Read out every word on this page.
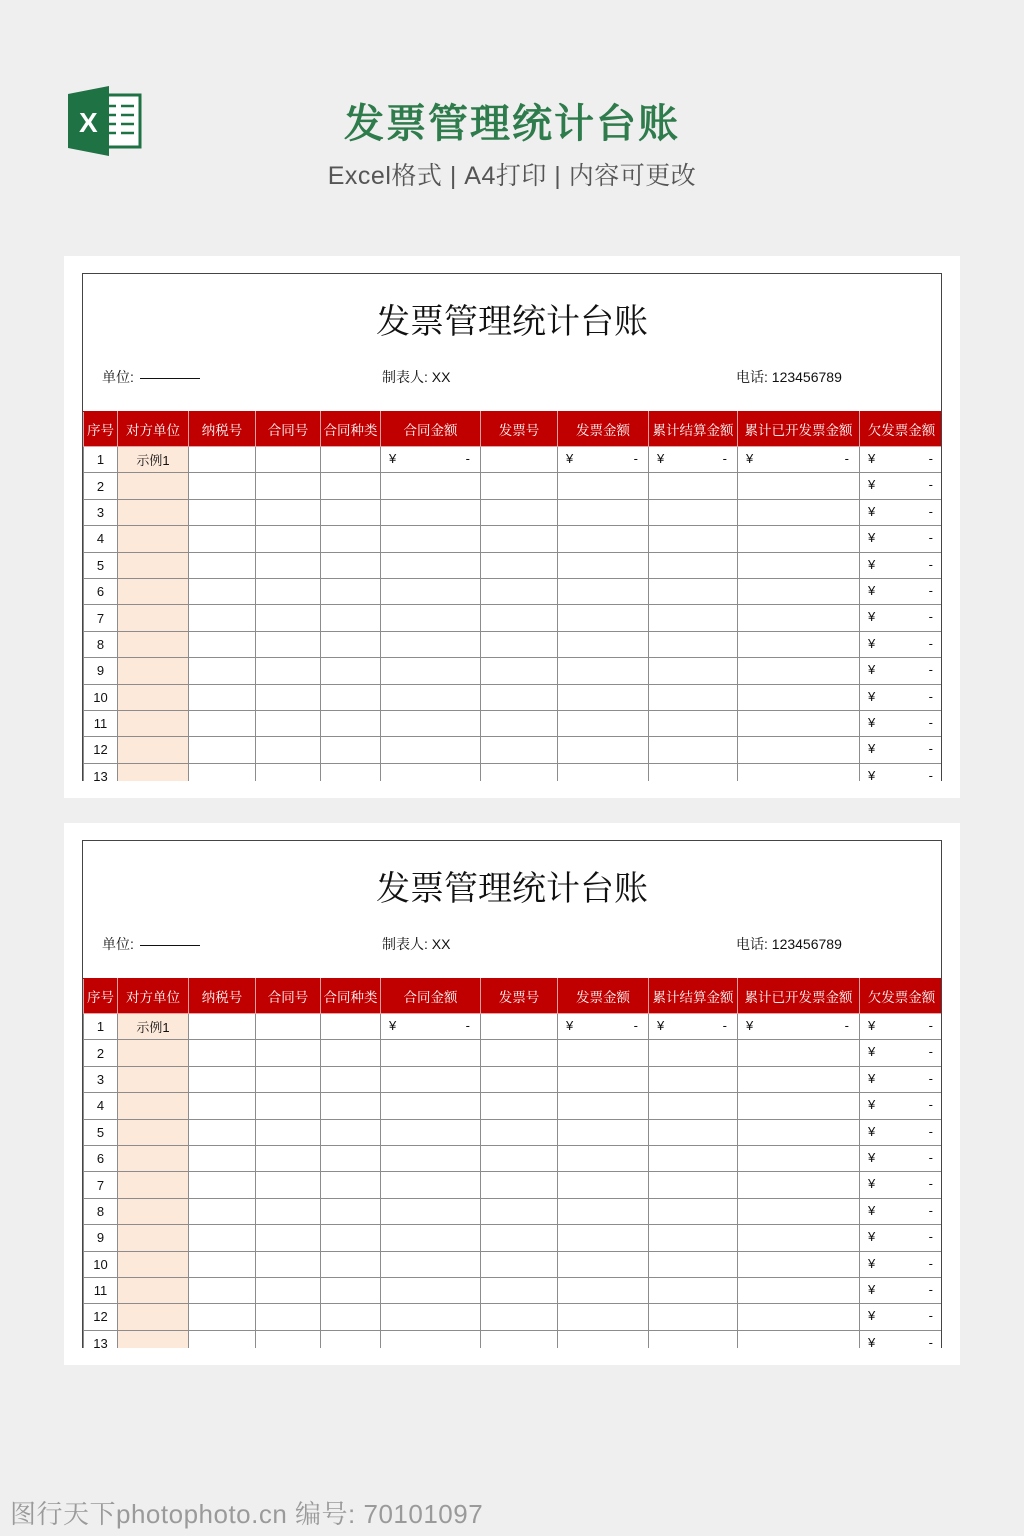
X	发票管理统计台账
Excel格式 | A4打印 | 内容可更改
发票管理统计台账
单位:	制表人: XX	电话: 123456789
序号	对方单位	纳税号	合同号	合同种类	合同金额	发票号	发票金额	累计结算金额	累计已开发票金额	欠发票金额
1	示例1				¥ -		¥ -	¥ -	¥ -	¥ -

2										¥ -

3										¥ -

4										¥ -

5										¥ -

6										¥ -

7										¥ -

8										¥ -

9										¥ -

10										¥ -

11										¥ -

12										¥ -

13										¥ -
发票管理统计台账
单位:	制表人: XX	电话: 123456789
序号	对方单位	纳税号	合同号	合同种类	合同金额	发票号	发票金额	累计结算金额	累计已开发票金额	欠发票金额
1	示例1				¥ -		¥ -	¥ -	¥ -	¥ -

2										¥ -

3										¥ -

4										¥ -

5										¥ -

6										¥ -

7										¥ -

8										¥ -

9										¥ -

10										¥ -

11										¥ -

12										¥ -

13										¥ -
图行天下photophoto.cn 编号: 70101097
